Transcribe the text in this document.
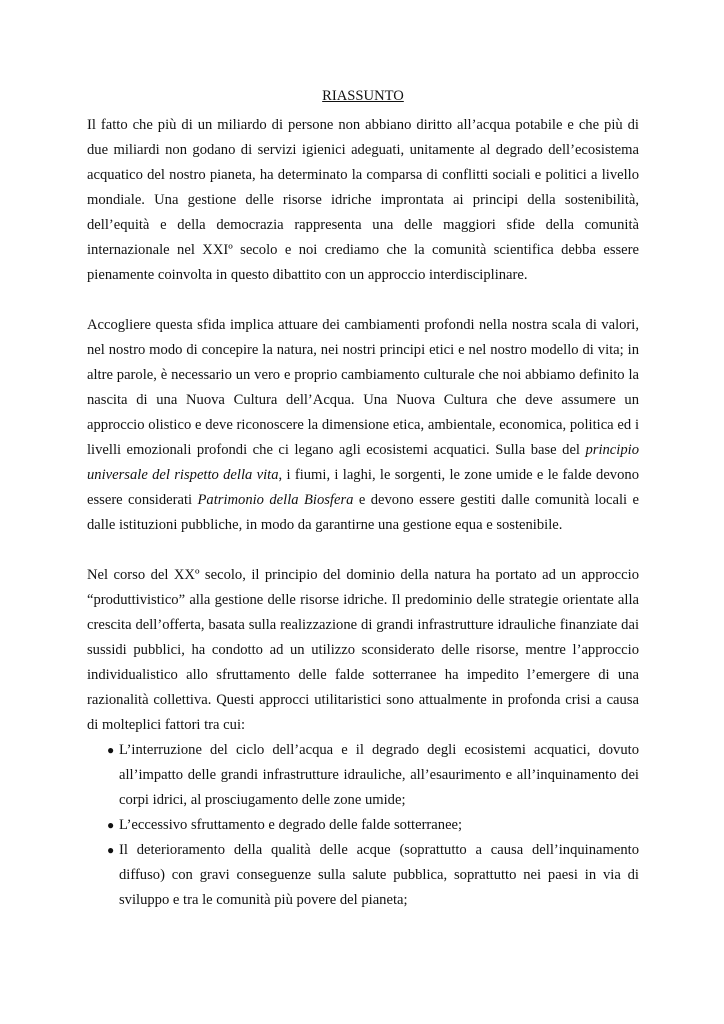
RIASSUNTO

Il fatto che più di un miliardo di persone non abbiano diritto all’acqua potabile e che più di due miliardi non godano di servizi igienici adeguati, unitamente al degrado dell’ecosistema acquatico del nostro pianeta, ha determinato la comparsa di conflitti sociali e politici a livello mondiale. Una gestione delle risorse idriche improntata ai principi della sostenibilità, dell’equità e della democrazia rappresenta una delle maggiori sfide della comunità internazionale nel XXIº secolo e noi crediamo che la comunità scientifica debba essere pienamente coinvolta in questo dibattito con un approccio interdisciplinare.

Accogliere questa sfida implica attuare dei cambiamenti profondi nella nostra scala di valori, nel nostro modo di concepire la natura, nei nostri principi etici e nel nostro modello di vita; in altre parole, è necessario un vero e proprio cambiamento culturale che noi abbiamo definito la nascita di una Nuova Cultura dell’Acqua. Una Nuova Cultura che deve assumere un approccio olistico e deve riconoscere la dimensione etica, ambientale, economica, politica ed i livelli emozionali profondi che ci legano agli ecosistemi acquatici. Sulla base del principio universale del rispetto della vita, i fiumi, i laghi, le sorgenti, le zone umide e le falde devono essere considerati Patrimonio della Biosfera e devono essere gestiti dalle comunità locali e dalle istituzioni pubbliche, in modo da garantirne una gestione equa e sostenibile.

Nel corso del XXº secolo, il principio del dominio della natura ha portato ad un approccio “produttivistico” alla gestione delle risorse idriche. Il predominio delle strategie orientate alla crescita dell’offerta, basata sulla realizzazione di grandi infrastrutture idrauliche finanziate dai sussidi pubblici, ha condotto ad un utilizzo sconsiderato delle risorse, mentre l’approccio individualistico allo sfruttamento delle falde sotterranee ha impedito l’emergere di una razionalità collettiva. Questi approcci utilitaristici sono attualmente in profonda crisi a causa di molteplici fattori tra cui:

● L’interruzione del ciclo dell’acqua e il degrado degli ecosistemi acquatici, dovuto all’impatto delle grandi infrastrutture idrauliche, all’esaurimento e all’inquinamento dei corpi idrici, al prosciugamento delle zone umide;
● L’eccessivo sfruttamento e degrado delle falde sotterranee;
● Il deterioramento della qualità delle acque (soprattutto a causa dell’inquinamento diffuso) con gravi conseguenze sulla salute pubblica, soprattutto nei paesi in via di sviluppo e tra le comunità più povere del pianeta;
